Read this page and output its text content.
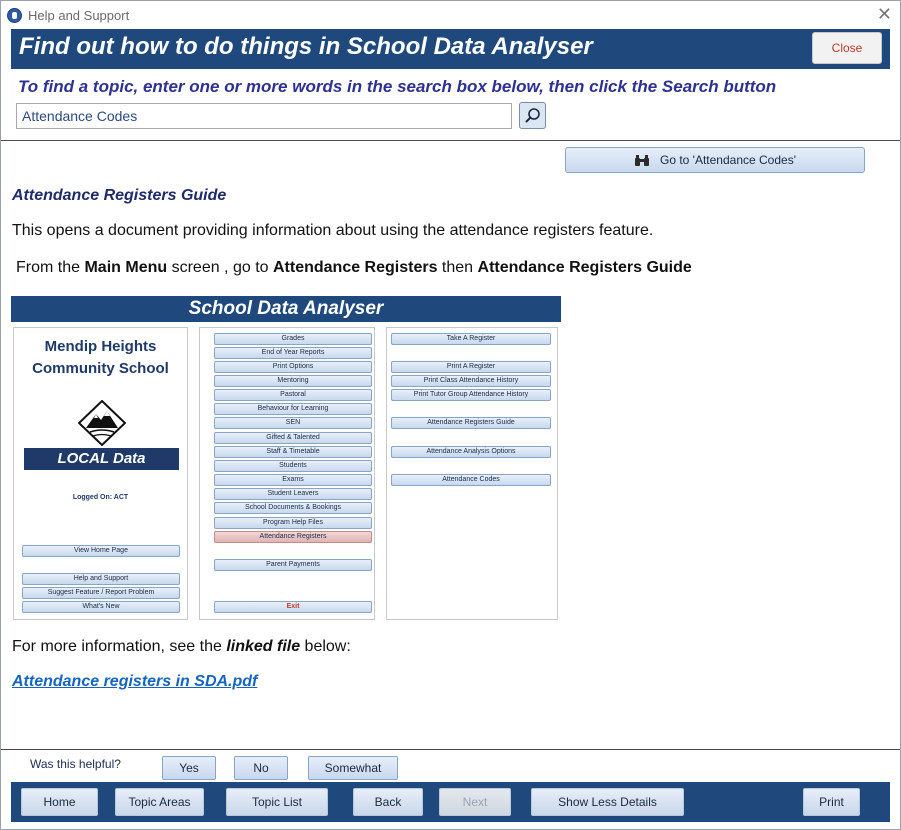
Help and Support	✕
Find out how to do things in School Data Analyser	Close
To find a topic, enter one or more words in the search box below, then click the Search button
Attendance Codes
Go to 'Attendance Codes'
Attendance Registers Guide
This opens a document providing information about using the attendance registers feature.
From the Main Menu screen , go to Attendance Registers then Attendance Registers Guide
School Data Analyser
Mendip Heights
Community School
LOCAL Data
Logged On: ACT
View Home Page
Help and Support
Suggest Feature / Report Problem
What's New
Grades
End of Year Reports
Print Options
Mentoring
Pastoral
Behaviour for Learning
SEN
Gifted & Talented
Staff & Timetable
Students
Exams
Student Leavers
School Documents & Bookings
Program Help Files
Attendance Registers
Parent Payments
Exit
Take A Register
Print A Register
Print Class Attendance History
Print Tutor Group Attendance History
Attendance Registers Guide
Attendance Analysis Options
Attendance Codes
For more information, see the linked file below:
Attendance registers in SDA.pdf
Was this helpful?	Yes	No	Somewhat
Home	Topic Areas	Topic List	Back	Next	Show Less Details	Print
